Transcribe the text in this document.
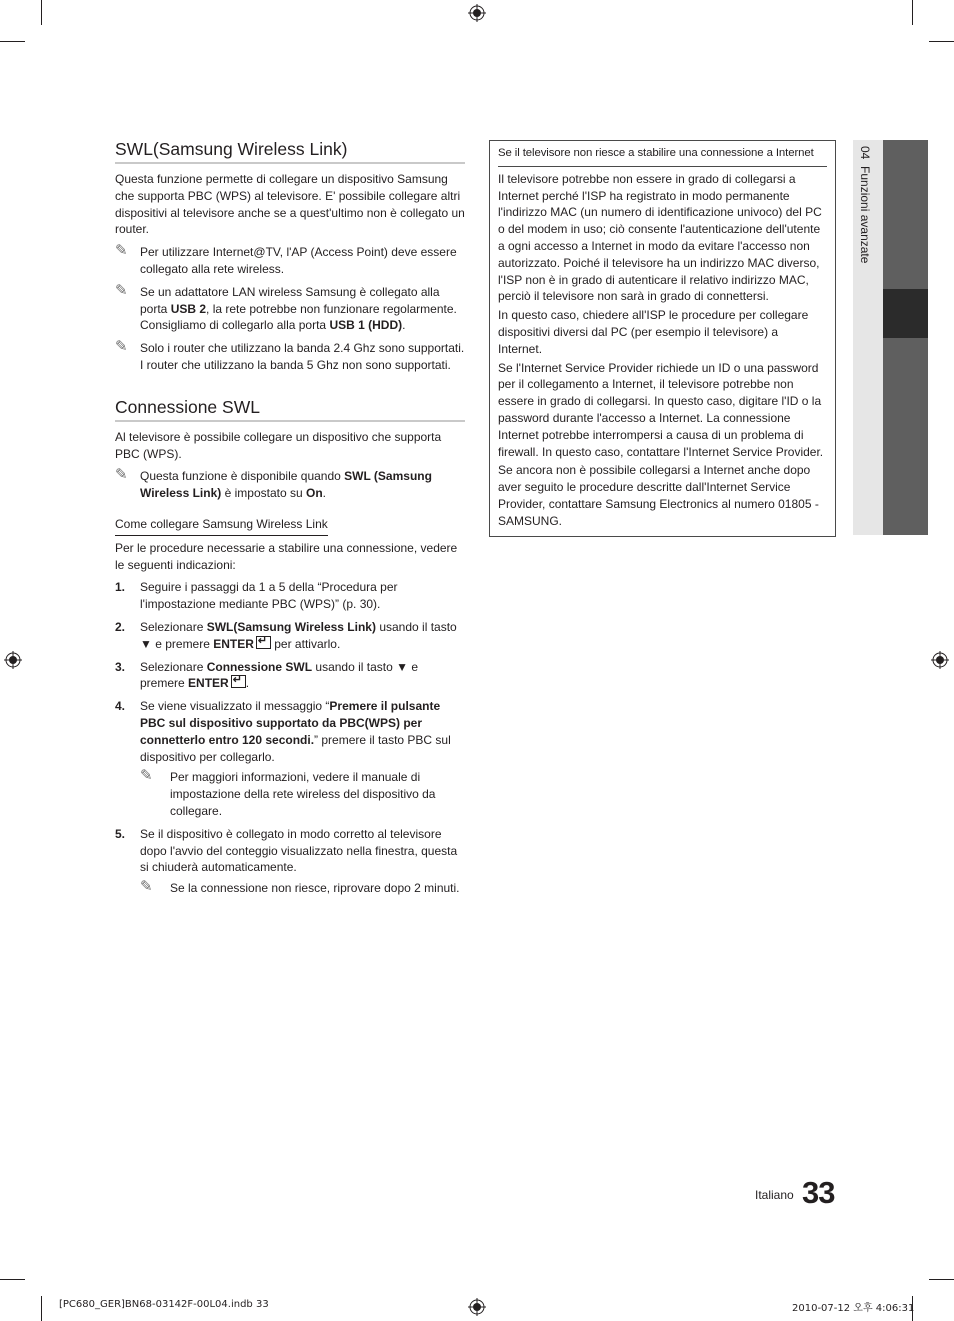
SWL(Samsung Wireless Link)

Questa funzione permette di collegare un dispositivo Samsung che supporta PBC (WPS) al televisore. E' possibile collegare altri dispositivi al televisore anche se a quest'ultimo non è collegato un router.

✎ Per utilizzare Internet@TV, l'AP (Access Point) deve essere collegato alla rete wireless.
✎ Se un adattatore LAN wireless Samsung è collegato alla porta USB 2, la rete potrebbe non funzionare regolarmente. Consigliamo di collegarlo alla porta USB 1 (HDD).
✎ Solo i router che utilizzano la banda 2.4 Ghz sono supportati. I router che utilizzano la banda 5 Ghz non sono supportati.
Connessione SWL

Al televisore è possibile collegare un dispositivo che supporta PBC (WPS).

✎ Questa funzione è disponibile quando SWL (Samsung Wireless Link) è impostato su On.
Come collegare Samsung Wireless Link

Per le procedure necessarie a stabilire una connessione, vedere le seguenti indicazioni:

1. Seguire i passaggi da 1 a 5 della “Procedura per l'impostazione mediante PBC (WPS)” (p. 30).
2. Selezionare SWL(Samsung Wireless Link) usando il tasto ▼ e premere ENTER↵ per attivarlo.
3. Selezionare Connessione SWL usando il tasto ▼ e premere ENTER↵ .
4. Se viene visualizzato il messaggio “Premere il pulsante PBC sul dispositivo supportato da PBC(WPS) per connetterlo entro 120 secondi.” premere il tasto PBC sul dispositivo per collegarlo.
✎ Per maggiori informazioni, vedere il manuale di impostazione della rete wireless del dispositivo da collegare.
5. Se il dispositivo è collegato in modo corretto al televisore dopo l'avvio del conteggio visualizzato nella finestra, questa si chiuderà automaticamente.
✎ Se la connessione non riesce, riprovare dopo 2 minuti.
Se il televisore non riesce a stabilire una connessione a Internet

Il televisore potrebbe non essere in grado di collegarsi a Internet perché l'ISP ha registrato in modo permanente l'indirizzo MAC (un numero di identificazione univoco) del PC o del modem in uso; ciò consente l'autenticazione dell'utente a ogni accesso a Internet in modo da evitare l'accesso non autorizzato. Poiché il televisore ha un indirizzo MAC diverso, l'ISP non è in grado di autenticare il relativo indirizzo MAC, perciò il televisore non sarà in grado di connettersi.

In questo caso, chiedere all'ISP le procedure per collegare dispositivi diversi dal PC (per esempio il televisore) a Internet.

Se l'Internet Service Provider richiede un ID o una password per il collegamento a Internet, il televisore potrebbe non essere in grado di collegarsi. In questo caso, digitare l'ID o la password durante l'accesso a Internet. La connessione Internet potrebbe interrompersi a causa di un problema di firewall. In questo caso, contattare l'Internet Service Provider.

Se ancora non è possibile collegarsi a Internet anche dopo aver seguito le procedure descritte dall'Internet Service Provider, contattare Samsung Electronics al numero 01805 - SAMSUNG.

04  Funzioni avanzate
Italiano 33
[PC680_GER]BN68-03142F-00L04.indb 33	2010-07-12 오후 4:06:31
